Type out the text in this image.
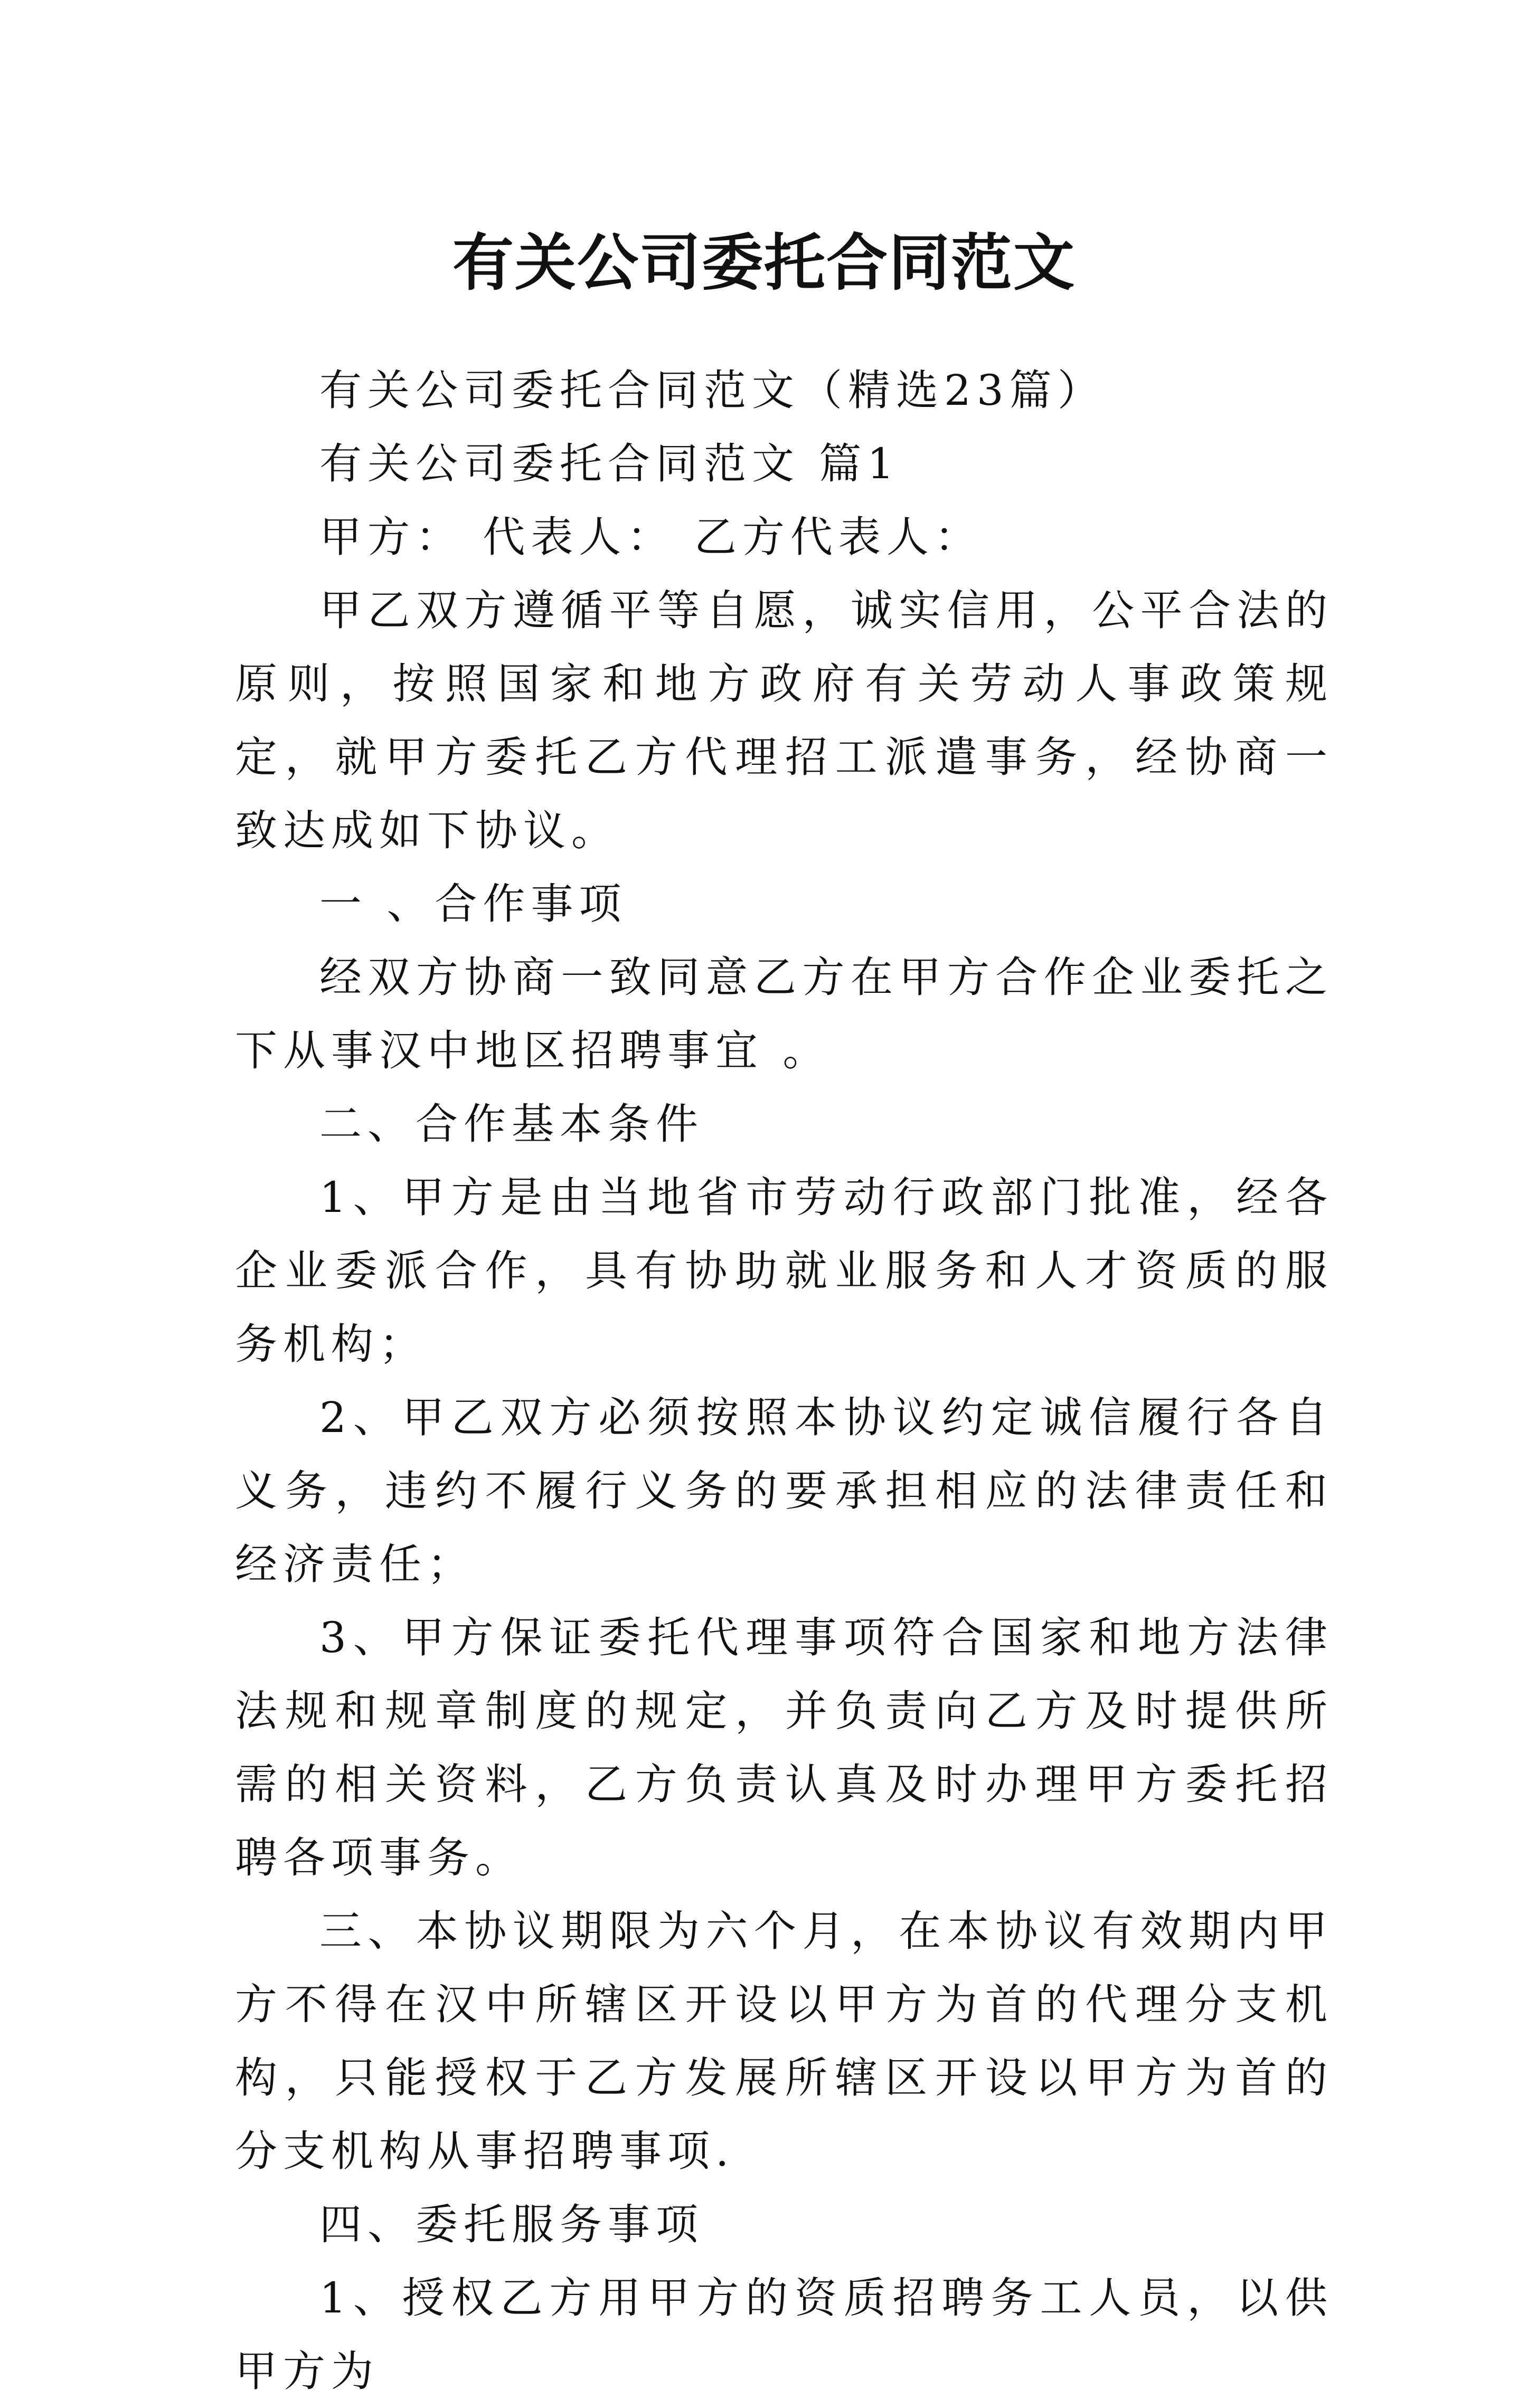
有关公司委托合同范文

有关公司委托合同范文（精选23篇）

有关公司委托合同范文 篇1

甲方： 代表人： 乙方代表人：

甲乙双方遵循平等自愿，诚实信用，公平合法的原则，按照国家和地方政府有关劳动人事政策规定，就甲方委托乙方代理招工派遣事务，经协商一致达成如下协议。

一 、合作事项

经双方协商一致同意乙方在甲方合作企业委托之下从事汉中地区招聘事宜 。

二、合作基本条件

1、甲方是由当地省市劳动行政部门批准，经各企业委派合作，具有协助就业服务和人才资质的服务机构；

2、甲乙双方必须按照本协议约定诚信履行各自义务，违约不履行义务的要承担相应的法律责任和经济责任；

3、甲方保证委托代理事项符合国家和地方法律法规和规章制度的规定，并负责向乙方及时提供所需的相关资料，乙方负责认真及时办理甲方委托招聘各项事务。

三、本协议期限为六个月，在本协议有效期内甲方不得在汉中所辖区开设以甲方为首的代理分支机构，只能授权于乙方发展所辖区开设以甲方为首的分支机构从事招聘事项.

四、委托服务事项

1、授权乙方用甲方的资质招聘务工人员，以供甲方为
